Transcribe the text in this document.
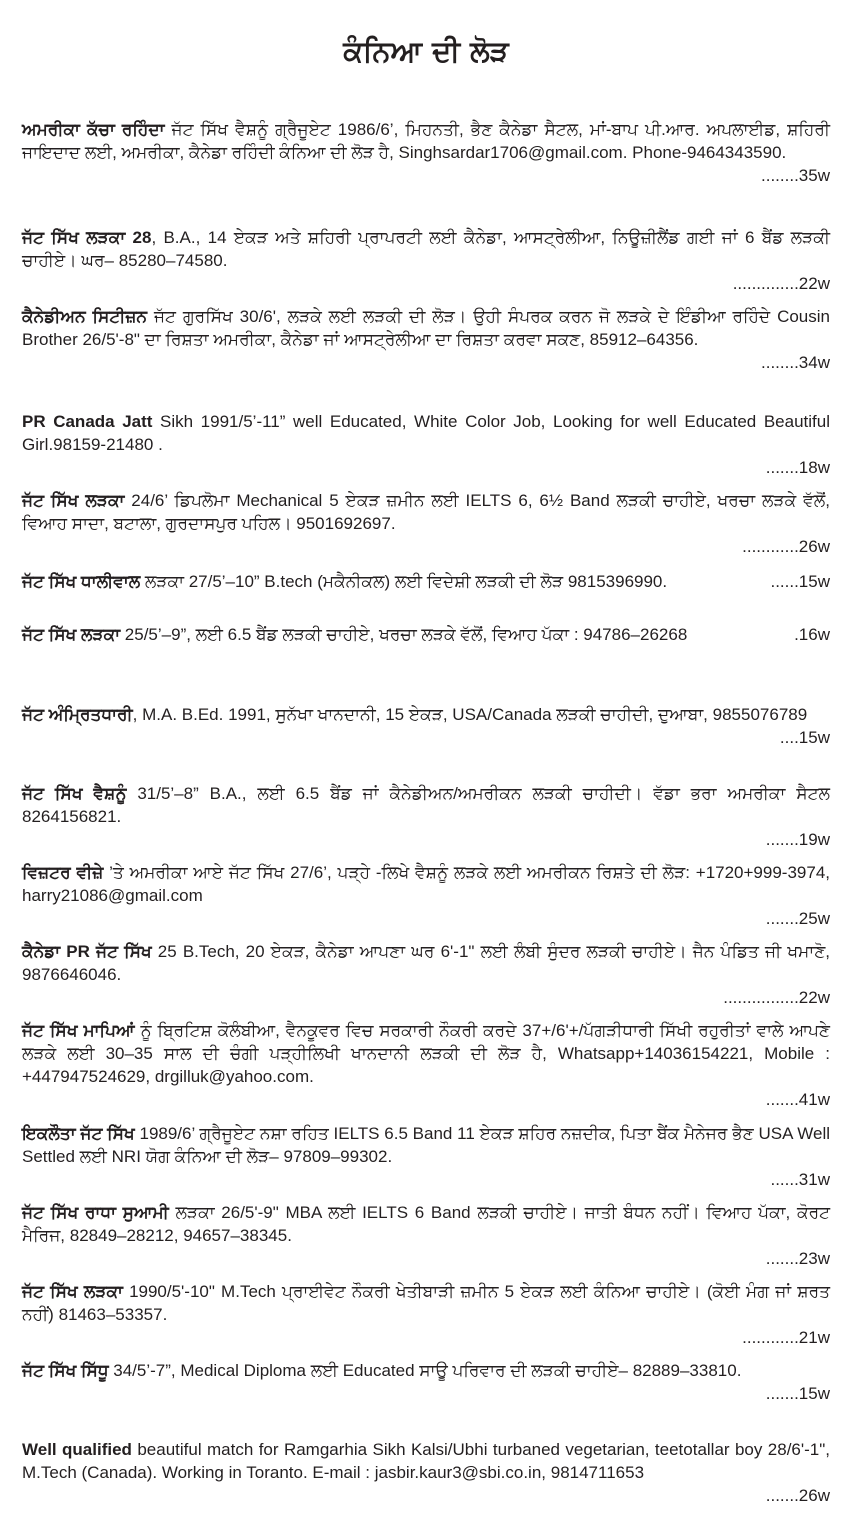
ਕੰਨਿਆ ਦੀ ਲੋੜ

ਅਮਰੀਕਾ ਕੱਚਾ ਰਹਿੰਦਾ ਜੱਟ ਸਿੱਖ ਵੈਸ਼ਨੂੰ ਗ੍ਰੈਜੂਏਟ 1986/6’, ਮਿਹਨਤੀ, ਭੈਣ ਕੈਨੇਡਾ ਸੈਟਲ, ਮਾਂ-ਬਾਪ ਪੀ.ਆਰ. ਅਪਲਾਈਡ, ਸ਼ਹਿਰੀ ਜਾਇਦਾਦ ਲਈ, ਅਮਰੀਕਾ, ਕੈਨੇਡਾ ਰਹਿੰਦੀ ਕੰਨਿਆ ਦੀ ਲੋੜ ਹੈ, Singhsardar1706@gmail.com. Phone-9464343590.
........35w

ਜੱਟ ਸਿੱਖ ਲੜਕਾ 28, B.A., 14 ਏਕੜ ਅਤੇ ਸ਼ਹਿਰੀ ਪ੍ਰਾਪਰਟੀ ਲਈ ਕੈਨੇਡਾ, ਆਸਟ੍ਰੇਲੀਆ, ਨਿਊਜ਼ੀਲੈਂਡ ਗਈ ਜਾਂ 6 ਬੈਂਡ ਲੜਕੀ ਚਾਹੀਏ। ਘਰ– 85280–74580.
..............22w

ਕੈਨੇਡੀਅਨ ਸਿਟੀਜ਼ਨ ਜੱਟ ਗੁਰਸਿੱਖ 30/6', ਲੜਕੇ ਲਈ ਲੜਕੀ ਦੀ ਲੋੜ। ਉਹੀ ਸੰਪਰਕ ਕਰਨ ਜੋ ਲੜਕੇ ਦੇ ਇੰਡੀਆ ਰਹਿੰਦੇ Cousin Brother 26/5'-8" ਦਾ ਰਿਸ਼ਤਾ ਅਮਰੀਕਾ, ਕੈਨੇਡਾ ਜਾਂ ਆਸਟ੍ਰੇਲੀਆ ਦਾ ਰਿਸ਼ਤਾ ਕਰਵਾ ਸਕਣ, 85912–64356.
........34w

PR Canada Jatt Sikh 1991/5’-11” well Educated, White Color Job, Looking for well Educated Beautiful Girl.98159-21480 .
.......18w

ਜੱਟ ਸਿੱਖ ਲੜਕਾ 24/6’ ਡਿਪਲੋਮਾ Mechanical 5 ਏਕੜ ਜ਼ਮੀਨ ਲਈ IELTS 6, 6½ Band ਲੜਕੀ ਚਾਹੀਏ, ਖਰਚਾ ਲੜਕੇ ਵੱਲੋਂ, ਵਿਆਹ ਸਾਦਾ, ਬਟਾਲਾ, ਗੁਰਦਾਸਪੁਰ ਪਹਿਲ। 9501692697.
............26w

ਜੱਟ ਸਿੱਖ ਧਾਲੀਵਾਲ ਲੜਕਾ 27/5’–10” B.tech (ਮਕੈਨੀਕਲ) ਲਈ ਵਿਦੇਸ਼ੀ ਲੜਕੀ ਦੀ ਲੋੜ 9815396990.	......15w

ਜੱਟ ਸਿੱਖ ਲੜਕਾ 25/5’–9”, ਲਈ 6.5 ਬੈਂਡ ਲੜਕੀ ਚਾਹੀਏ, ਖਰਚਾ ਲੜਕੇ ਵੱਲੋਂ, ਵਿਆਹ ਪੱਕਾ : 94786–26268	.16w

ਜੱਟ ਅੰਮ੍ਰਿਤਧਾਰੀ, M.A. B.Ed. 1991, ਸੁਨੱਖਾ ਖਾਨਦਾਨੀ, 15 ਏਕੜ, USA/Canada ਲੜਕੀ ਚਾਹੀਦੀ, ਦੁਆਬਾ, 9855076789
....15w

ਜੱਟ ਸਿੱਖ ਵੈਸ਼ਨੂੰ 31/5’–8” B.A., ਲਈ 6.5 ਬੈਂਡ ਜਾਂ ਕੈਨੇਡੀਅਨ/ਅਮਰੀਕਨ ਲੜਕੀ ਚਾਹੀਦੀ। ਵੱਡਾ ਭਰਾ ਅਮਰੀਕਾ ਸੈਟਲ 8264156821.
.......19w

ਵਿਜ਼ਟਰ ਵੀਜ਼ੇ ’ਤੇ ਅਮਰੀਕਾ ਆਏ ਜੱਟ ਸਿੱਖ 27/6’, ਪੜ੍ਹੇ -ਲਿਖੇ ਵੈਸ਼ਨੂੰ ਲੜਕੇ ਲਈ ਅਮਰੀਕਨ ਰਿਸ਼ਤੇ ਦੀ ਲੋੜ: +1720+999-3974, harry21086@gmail.com
.......25w

ਕੈਨੇਡਾ PR ਜੱਟ ਸਿੱਖ 25 B.Tech, 20 ਏਕੜ, ਕੈਨੇਡਾ ਆਪਣਾ ਘਰ 6'-1" ਲਈ ਲੰਬੀ ਸੁੰਦਰ ਲੜਕੀ ਚਾਹੀਏ। ਜੈਨ ਪੰਡਿਤ ਜੀ ਖਮਾਣੋ, 9876646046.
................22w

ਜੱਟ ਸਿੱਖ ਮਾਪਿਆਂ ਨੂੰ ਬ੍ਰਿਟਿਸ਼ ਕੋਲੰਬੀਆ, ਵੈਨਕੂਵਰ ਵਿਚ ਸਰਕਾਰੀ ਨੌਕਰੀ ਕਰਦੇ 37+/6'+/ਪੱਗੜੀਧਾਰੀ ਸਿੱਖੀ ਰਹੁਰੀਤਾਂ ਵਾਲੇ ਆਪਣੇ ਲੜਕੇ ਲਈ 30–35 ਸਾਲ ਦੀ ਚੰਗੀ ਪੜ੍ਹੀਲਿਖੀ ਖਾਨਦਾਨੀ ਲੜਕੀ ਦੀ ਲੋੜ ਹੈ, Whatsapp+14036154221, Mobile : +447947524629, drgilluk@yahoo.com.
.......41w

ਇਕਲੌਤਾ ਜੱਟ ਸਿੱਖ 1989/6’ ਗ੍ਰੈਜੂਏਟ ਨਸ਼ਾ ਰਹਿਤ IELTS 6.5 Band 11 ਏਕੜ ਸ਼ਹਿਰ ਨਜ਼ਦੀਕ, ਪਿਤਾ ਬੈਂਕ ਮੈਨੇਜਰ ਭੈਣ USA Well Settled ਲਈ NRI ਯੋਗ ਕੰਨਿਆ ਦੀ ਲੋੜ– 97809–99302.
......31w

ਜੱਟ ਸਿੱਖ ਰਾਧਾ ਸੁਆਮੀ ਲੜਕਾ 26/5'-9" MBA ਲਈ IELTS 6 Band ਲੜਕੀ ਚਾਹੀਏ। ਜਾਤੀ ਬੰਧਨ ਨਹੀਂ। ਵਿਆਹ ਪੱਕਾ, ਕੋਰਟ ਮੈਰਿਜ, 82849–28212, 94657–38345.
.......23w

ਜੱਟ ਸਿੱਖ ਲੜਕਾ 1990/5'-10" M.Tech ਪ੍ਰਾਈਵੇਟ ਨੌਕਰੀ ਖੇਤੀਬਾੜੀ ਜ਼ਮੀਨ 5 ਏਕੜ ਲਈ ਕੰਨਿਆ ਚਾਹੀਏ। (ਕੋਈ ਮੰਗ ਜਾਂ ਸ਼ਰਤ ਨਹੀਂ) 81463–53357.
............21w

ਜੱਟ ਸਿੱਖ ਸਿੱਧੂ 34/5’-7”, Medical Diploma ਲਈ Educated ਸਾਊ ਪਰਿਵਾਰ ਦੀ ਲੜਕੀ ਚਾਹੀਏ– 82889–33810.
.......15w

Well qualified beautiful match for Ramgarhia Sikh Kalsi/Ubhi turbaned vegetarian, teetotallar boy 28/6'-1", M.Tech (Canada). Working in Toranto. E-mail : jasbir.kaur3@sbi.co.in, 9814711653
.......26w
